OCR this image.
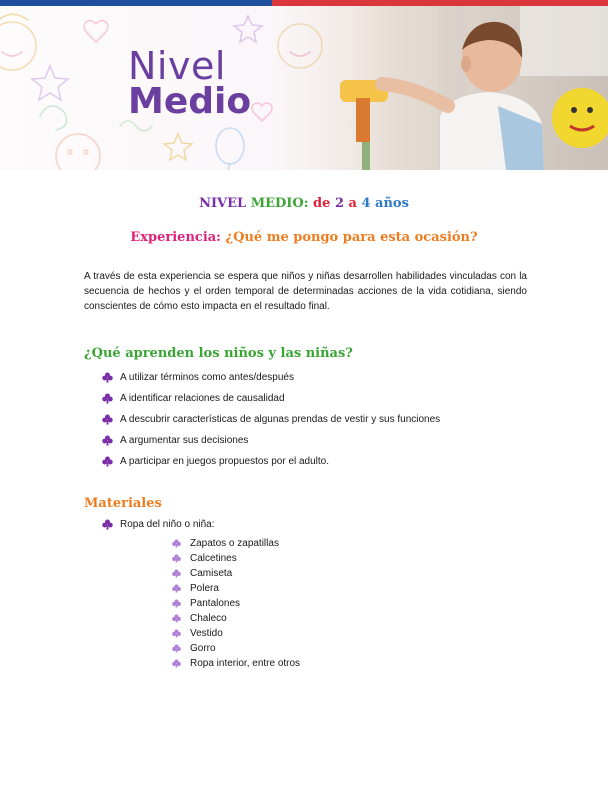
Nivel
Medio
NIVEL MEDIO: de 2 a 4 años
Experiencia: ¿Qué me pongo para esta ocasión?
A través de esta experiencia se espera que niños y niñas desarrollen habilidades vinculadas con la secuencia de hechos y el orden temporal de determinadas acciones de la vida cotidiana, siendo conscientes de cómo esto impacta en el resultado final.
¿Qué aprenden los niños y las niñas?
A utilizar términos como antes/después
A identificar relaciones de causalidad
A descubrir características de algunas prendas de vestir y sus funciones
A argumentar sus decisiones
A participar en juegos propuestos por el adulto.
Materiales
Ropa del niño o niña:
Zapatos o zapatillas
Calcetines
Camiseta
Polera
Pantalones
Chaleco
Vestido
Gorro
Ropa interior, entre otros
